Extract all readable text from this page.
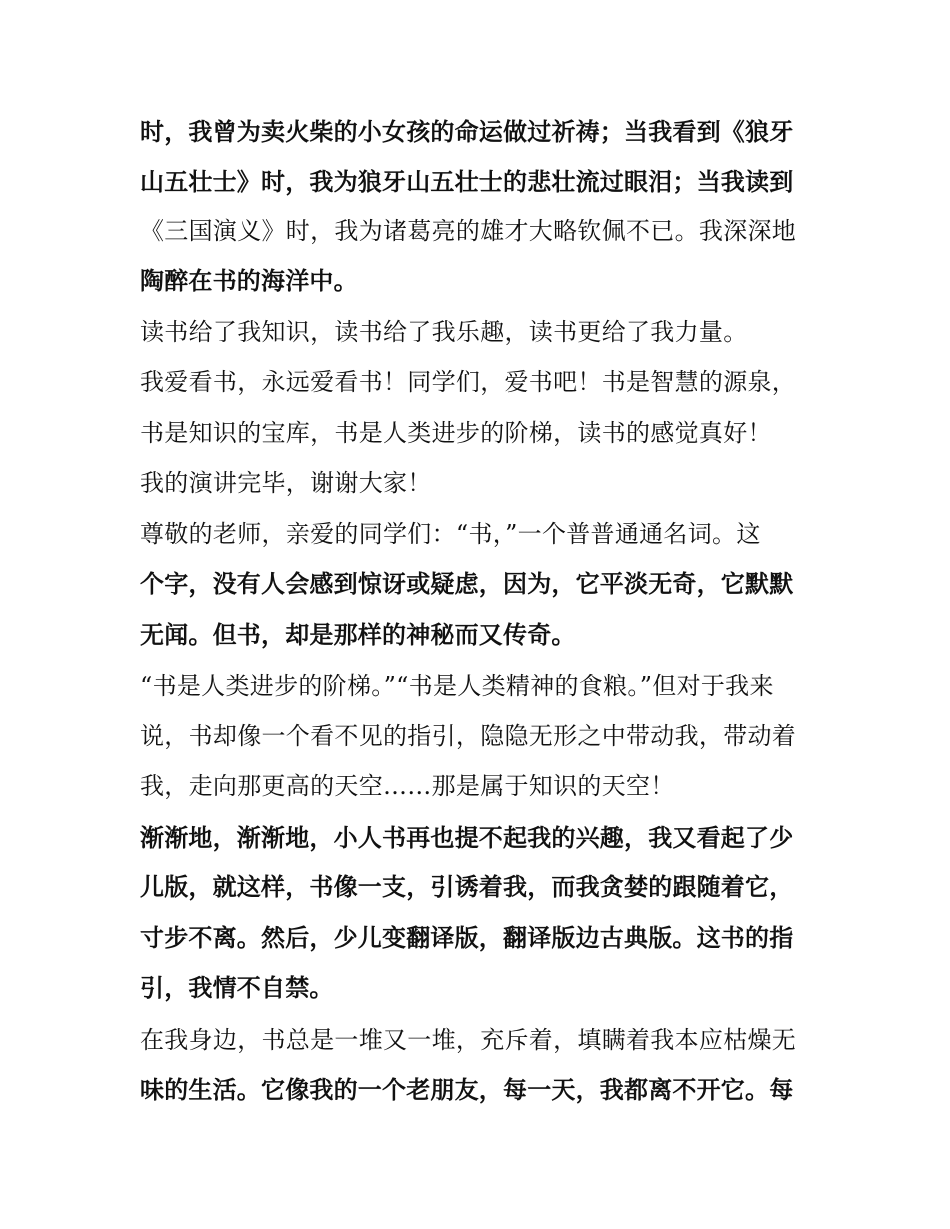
时，我曾为卖火柴的小女孩的命运做过祈祷；当我看到《狼牙
山五壮士》时，我为狼牙山五壮士的悲壮流过眼泪；当我读到
《三国演义》时，我为诸葛亮的雄才大略钦佩不已。我深深地
陶醉在书的海洋中。
读书给了我知识，读书给了我乐趣，读书更给了我力量。
我爱看书，永远爱看书！同学们，爱书吧！书是智慧的源泉，
书是知识的宝库，书是人类进步的阶梯，读书的感觉真好！
我的演讲完毕，谢谢大家！
尊敬的老师，亲爱的同学们：“书，”一个普普通通名词。这
个字，没有人会感到惊讶或疑虑，因为，它平淡无奇，它默默
无闻。但书，却是那样的神秘而又传奇。
“书是人类进步的阶梯。”“书是人类精神的食粮。”但对于我来
说，书却像一个看不见的指引，隐隐无形之中带动我，带动着
我，走向那更高的天空……那是属于知识的天空！
渐渐地，渐渐地，小人书再也提不起我的兴趣，我又看起了少
儿版，就这样，书像一支，引诱着我，而我贪婪的跟随着它，
寸步不离。然后，少儿变翻译版，翻译版边古典版。这书的指
引，我情不自禁。
在我身边，书总是一堆又一堆，充斥着，填瞒着我本应枯燥无
味的生活。它像我的一个老朋友，每一天，我都离不开它。每
